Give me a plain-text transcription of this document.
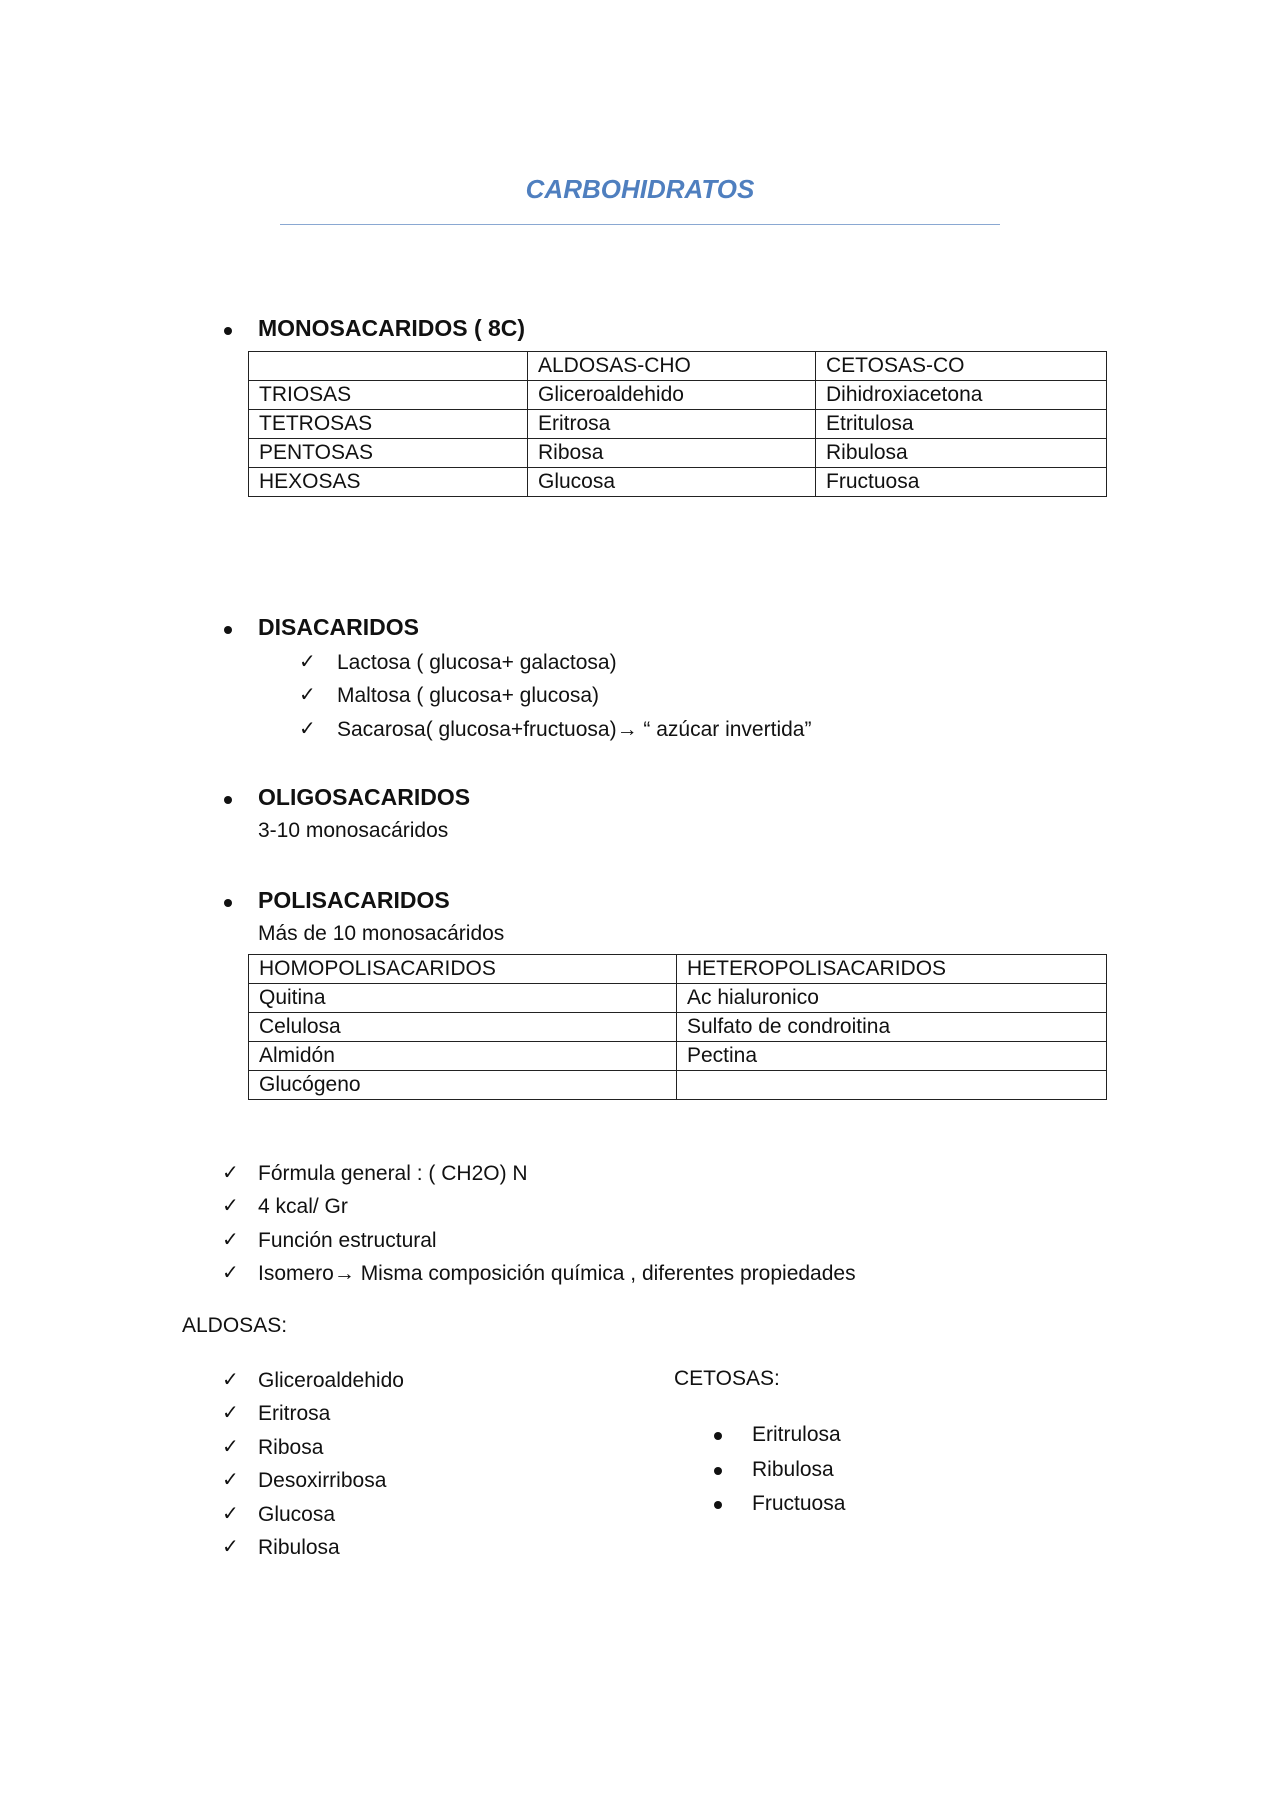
CARBOHIDRATOS
MONOSACARIDOS ( 8C)
	ALDOSAS-CHO	CETOSAS-CO
TRIOSAS	Gliceroaldehido	Dihidroxiacetona
TETROSAS	Eritrosa	Etritulosa
PENTOSAS	Ribosa	Ribulosa
HEXOSAS	Glucosa	Fructuosa
DISACARIDOS
✓ Lactosa ( glucosa+ galactosa)
✓ Maltosa ( glucosa+ glucosa)
✓ Sacarosa( glucosa+fructuosa)→ “ azúcar invertida”
OLIGOSACARIDOS
3-10 monosacáridos
POLISACARIDOS
Más de 10 monosacáridos
HOMOPOLISACARIDOS	HETEROPOLISACARIDOS
Quitina	Ac hialuronico
Celulosa	Sulfato de condroitina
Almidón	Pectina
Glucógeno	
✓ Fórmula general : ( CH2O) N
✓ 4 kcal/ Gr
✓ Función estructural
✓ Isomero→ Misma composición química , diferentes propiedades
ALDOSAS:
✓ Gliceroaldehido
✓ Eritrosa
✓ Ribosa
✓ Desoxirribosa
✓ Glucosa
✓ Ribulosa
CETOSAS:
Eritrulosa
Ribulosa
Fructuosa
